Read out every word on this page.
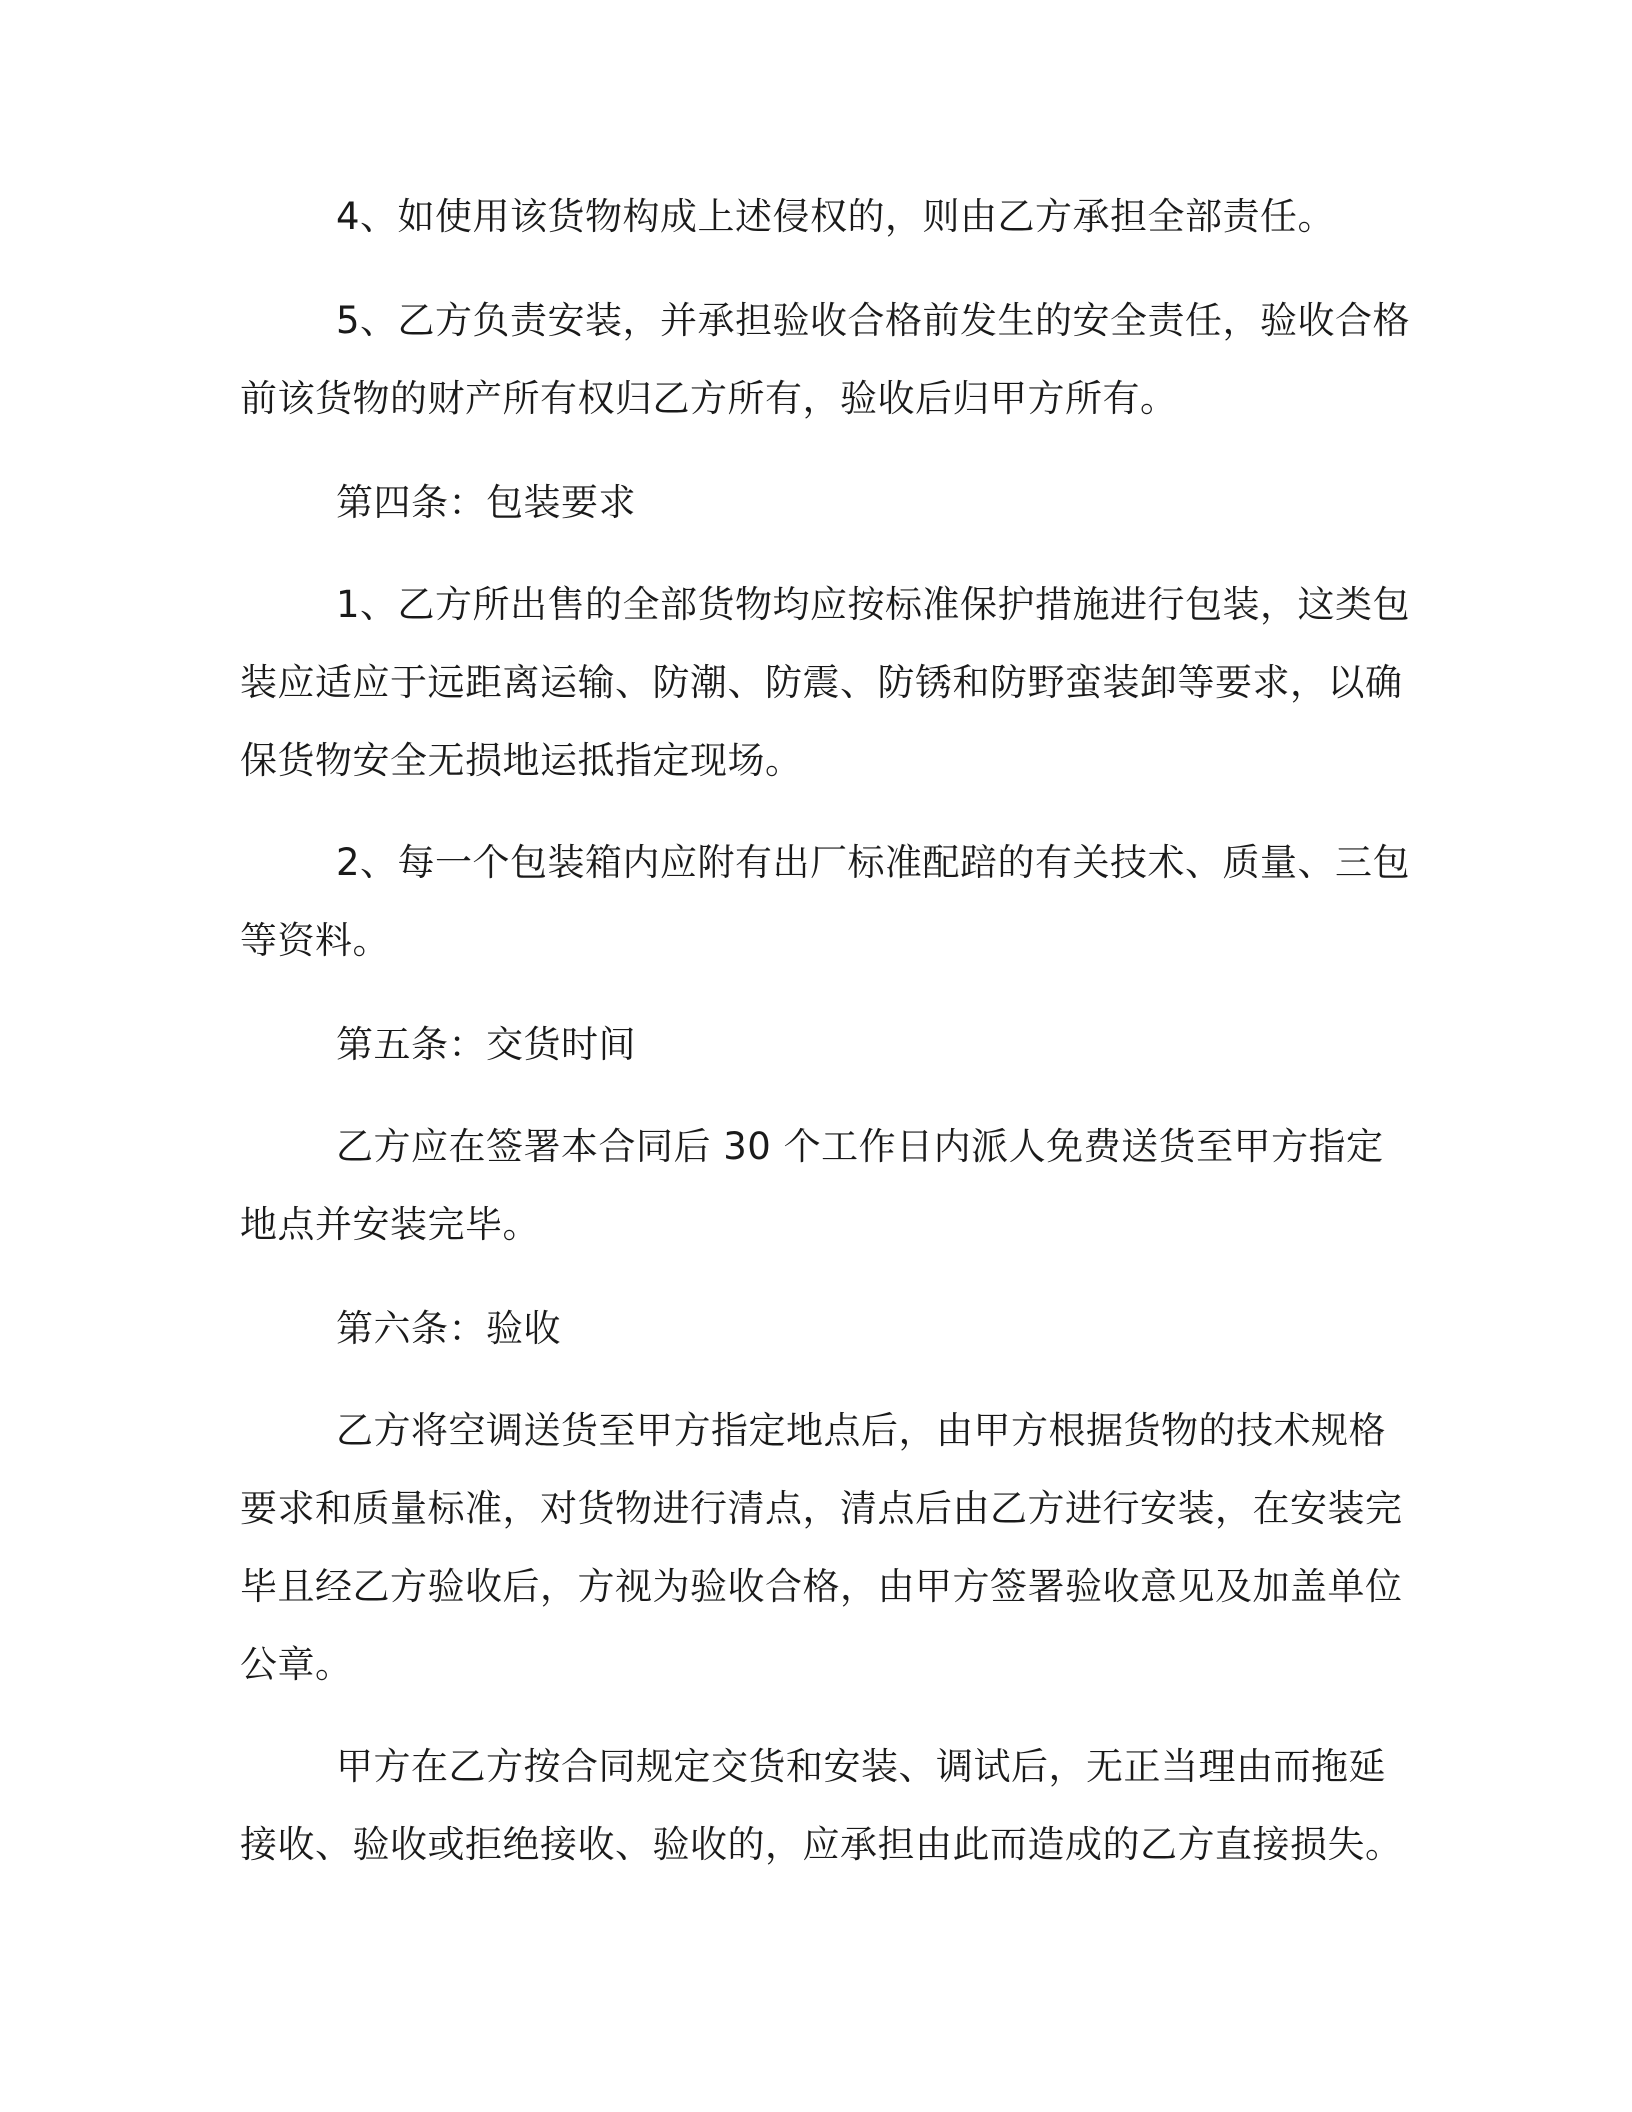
4、如使用该货物构成上述侵权的，则由乙方承担全部责任。

5、乙方负责安装，并承担验收合格前发生的安全责任，验收合格前该货物的财产所有权归乙方所有，验收后归甲方所有。

第四条：包装要求

1、乙方所出售的全部货物均应按标准保护措施进行包装，这类包装应适应于远距离运输、防潮、防震、防锈和防野蛮装卸等要求，以确保货物安全无损地运抵指定现场。

2、每一个包装箱内应附有出厂标准配踣的有关技术、质量、三包等资料。

第五条：交货时间

乙方应在签署本合同后 30 个工作日内派人免费送货至甲方指定地点并安装完毕。

第六条：验收

乙方将空调送货至甲方指定地点后，由甲方根据货物的技术规格要求和质量标准，对货物进行清点，清点后由乙方进行安装，在安装完毕且经乙方验收后，方视为验收合格，由甲方签署验收意见及加盖单位公章。

甲方在乙方按合同规定交货和安装、调试后，无正当理由而拖延接收、验收或拒绝接收、验收的，应承担由此而造成的乙方直接损失。
